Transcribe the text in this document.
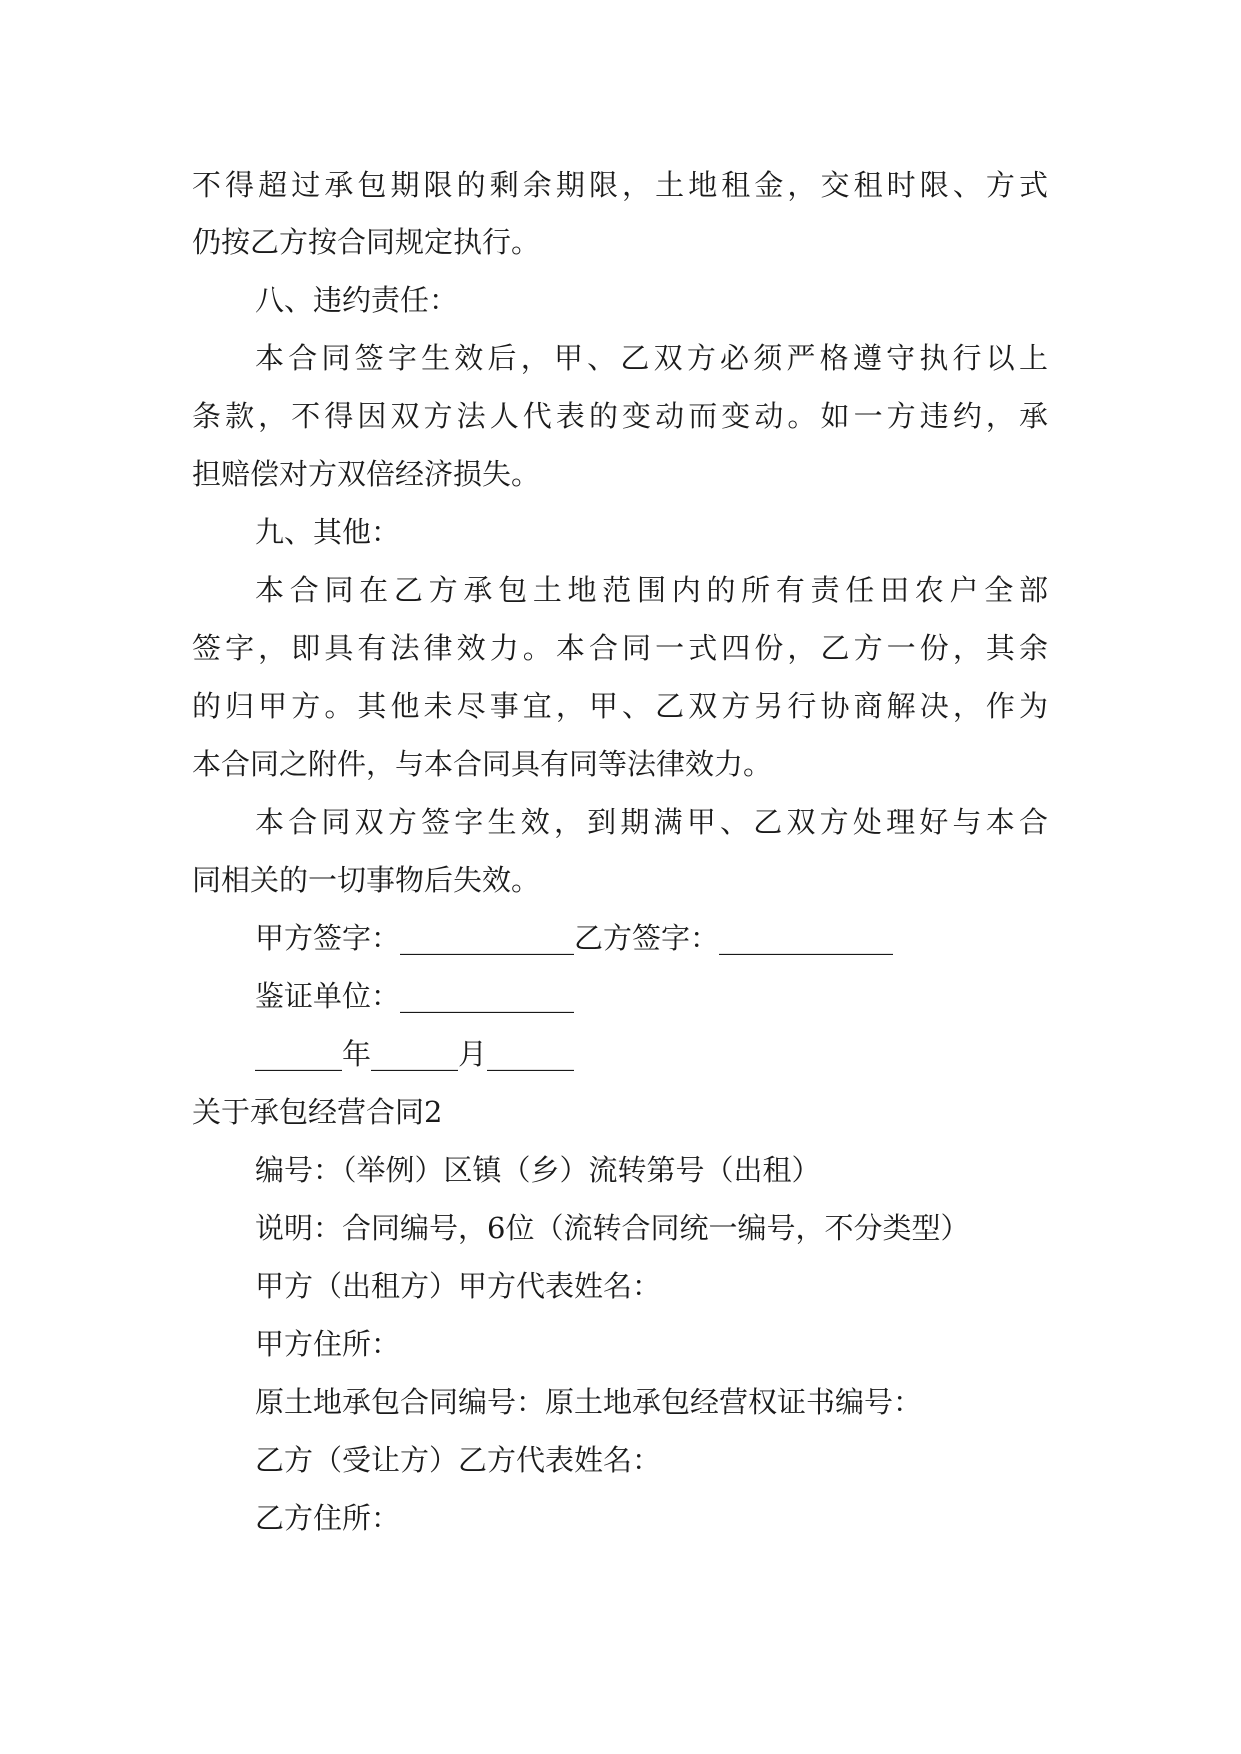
不得超过承包期限的剩余期限，土地租金，交租时限、方式
仍按乙方按合同规定执行。
八、违约责任：
本合同签字生效后，甲、乙双方必须严格遵守执行以上
条款，不得因双方法人代表的变动而变动。如一方违约，承
担赔偿对方双倍经济损失。
九、其他：
本合同在乙方承包土地范围内的所有责任田农户全部
签字，即具有法律效力。本合同一式四份，乙方一份，其余
的归甲方。其他未尽事宜，甲、乙双方另行协商解决，作为
本合同之附件，与本合同具有同等法律效力。
本合同双方签字生效，到期满甲、乙双方处理好与本合
同相关的一切事物后失效。
甲方签字：____________乙方签字：____________
鉴证单位：____________
______年______月______
关于承包经营合同2
编号：（举例）区镇（乡）流转第号（出租）
说明：合同编号，6位（流转合同统一编号，不分类型）
甲方（出租方）甲方代表姓名：
甲方住所：
原土地承包合同编号：原土地承包经营权证书编号：
乙方（受让方）乙方代表姓名：
乙方住所：
